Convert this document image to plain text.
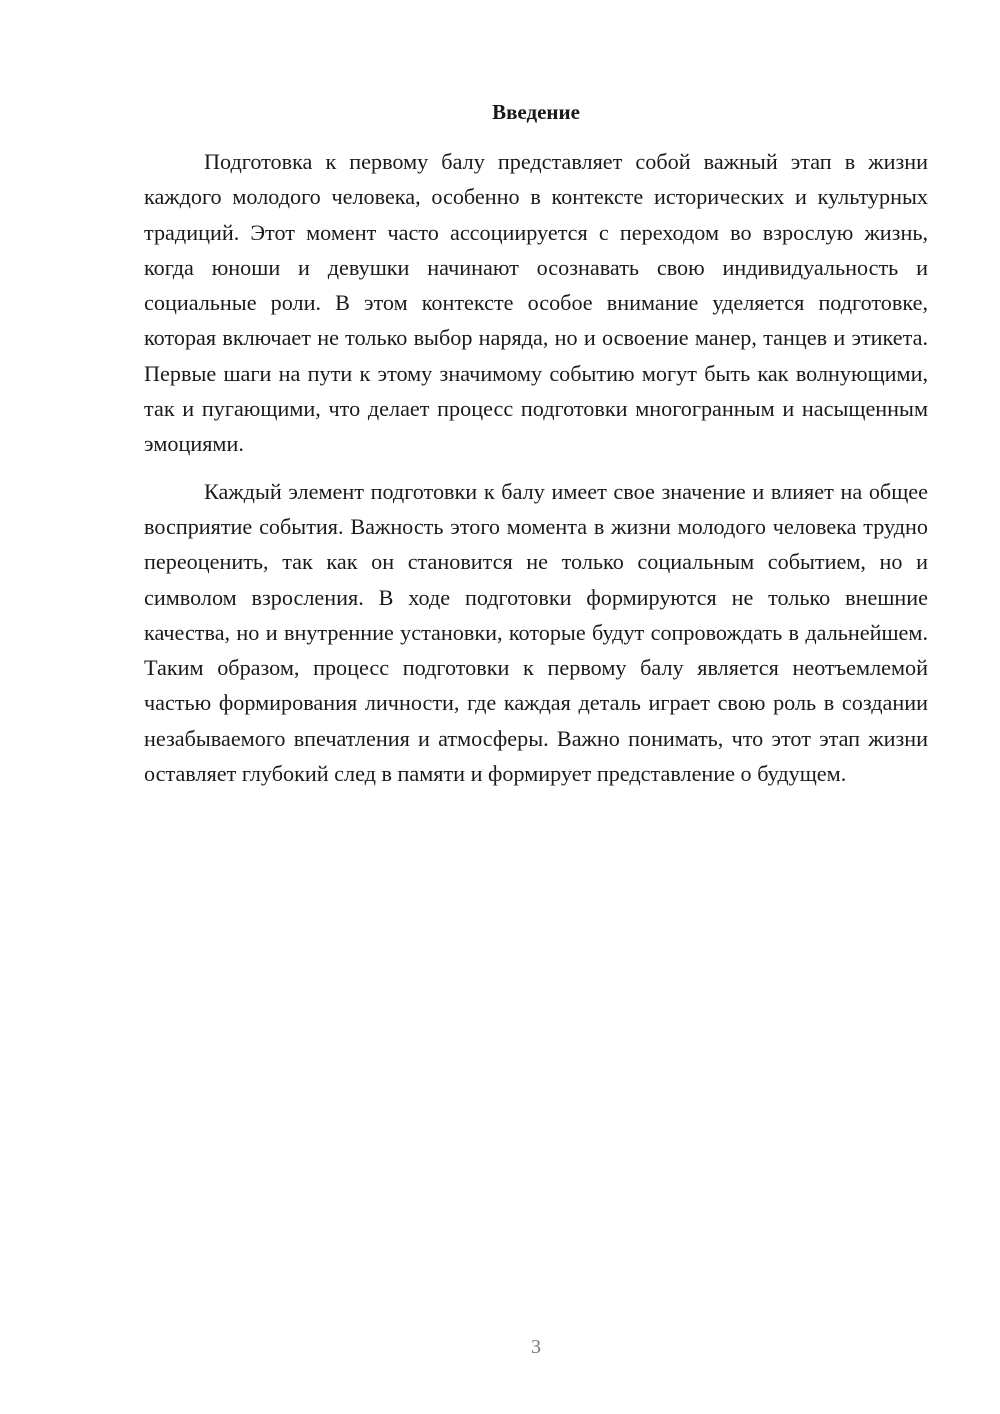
Введение

Подготовка к первому балу представляет собой важный этап в жизни каждого молодого человека, особенно в контексте исторических и культурных традиций. Этот момент часто ассоциируется с переходом во взрослую жизнь, когда юноши и девушки начинают осознавать свою индивидуальность и социальные роли. В этом контексте особое внимание уделяется подготовке, которая включает не только выбор наряда, но и освоение манер, танцев и этикета. Первые шаги на пути к этому значимому событию могут быть как волнующими, так и пугающими, что делает процесс подготовки многогранным и насыщенным эмоциями.

Каждый элемент подготовки к балу имеет свое значение и влияет на общее восприятие события. Важность этого момента в жизни молодого человека трудно переоценить, так как он становится не только социальным событием, но и символом взросления. В ходе подготовки формируются не только внешние качества, но и внутренние установки, которые будут сопровождать в дальнейшем. Таким образом, процесс подготовки к первому балу является неотъемлемой частью формирования личности, где каждая деталь играет свою роль в создании незабываемого впечатления и атмосферы. Важно понимать, что этот этап жизни оставляет глубокий след в памяти и формирует представление о будущем.

3
